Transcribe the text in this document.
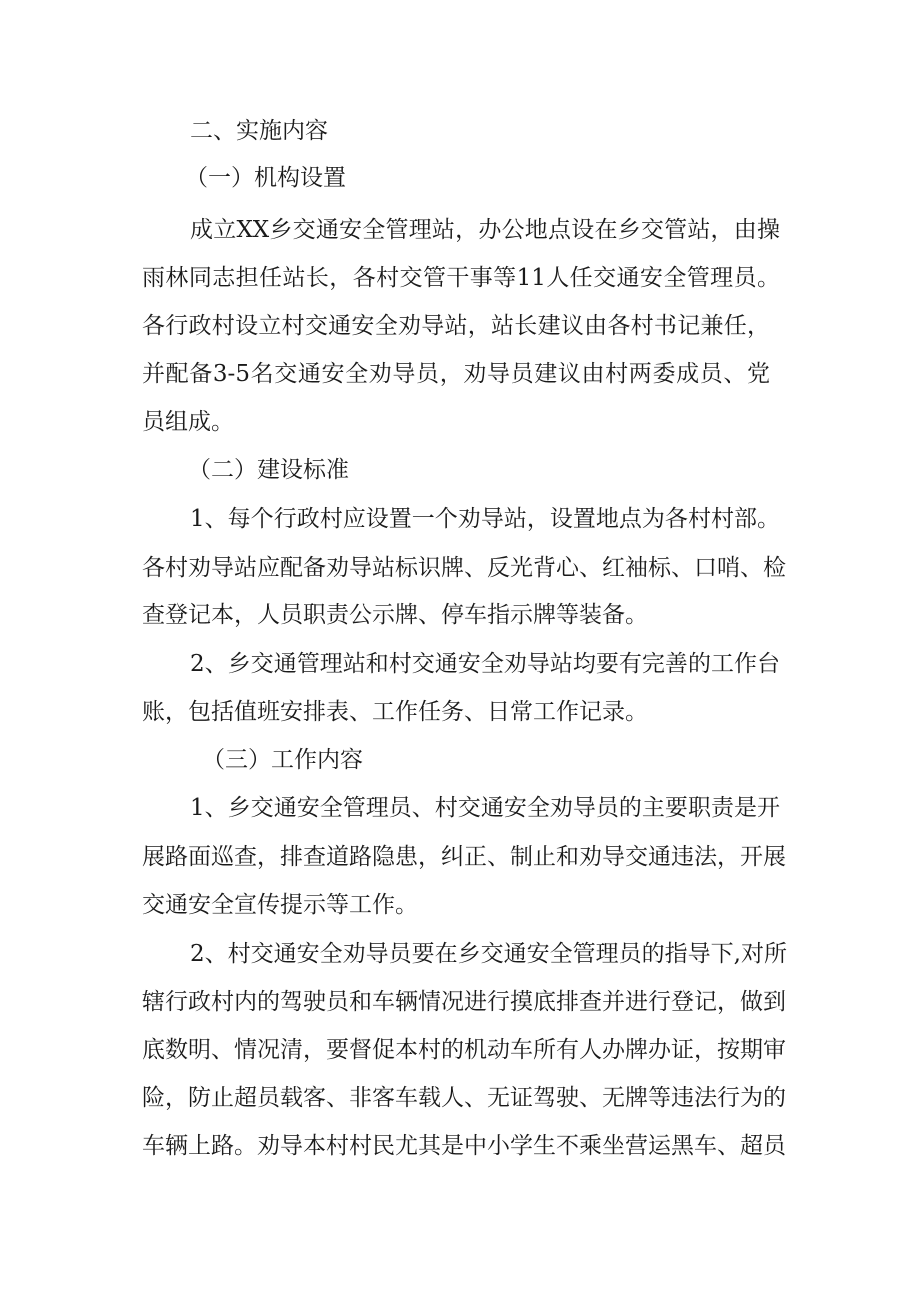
二、实施内容
（一）机构设置
成立XX乡交通安全管理站，办公地点设在乡交管站，由操
雨林同志担任站长，各村交管干事等11人任交通安全管理员。
各行政村设立村交通安全劝导站，站长建议由各村书记兼任，
并配备3-5名交通安全劝导员，劝导员建议由村两委成员、党
员组成。
（二）建设标准
1、每个行政村应设置一个劝导站，设置地点为各村村部。
各村劝导站应配备劝导站标识牌、反光背心、红袖标、口哨、检
查登记本，人员职责公示牌、停车指示牌等装备。
2、乡交通管理站和村交通安全劝导站均要有完善的工作台
账，包括值班安排表、工作任务、日常工作记录。
（三）工作内容
1、乡交通安全管理员、村交通安全劝导员的主要职责是开
展路面巡查，排查道路隐患，纠正、制止和劝导交通违法，开展
交通安全宣传提示等工作。
2、村交通安全劝导员要在乡交通安全管理员的指导下,对所
辖行政村内的驾驶员和车辆情况进行摸底排查并进行登记，做到
底数明、情况清，要督促本村的机动车所有人办牌办证，按期审
险，防止超员载客、非客车载人、无证驾驶、无牌等违法行为的
车辆上路。劝导本村村民尤其是中小学生不乘坐营运黑车、超员
